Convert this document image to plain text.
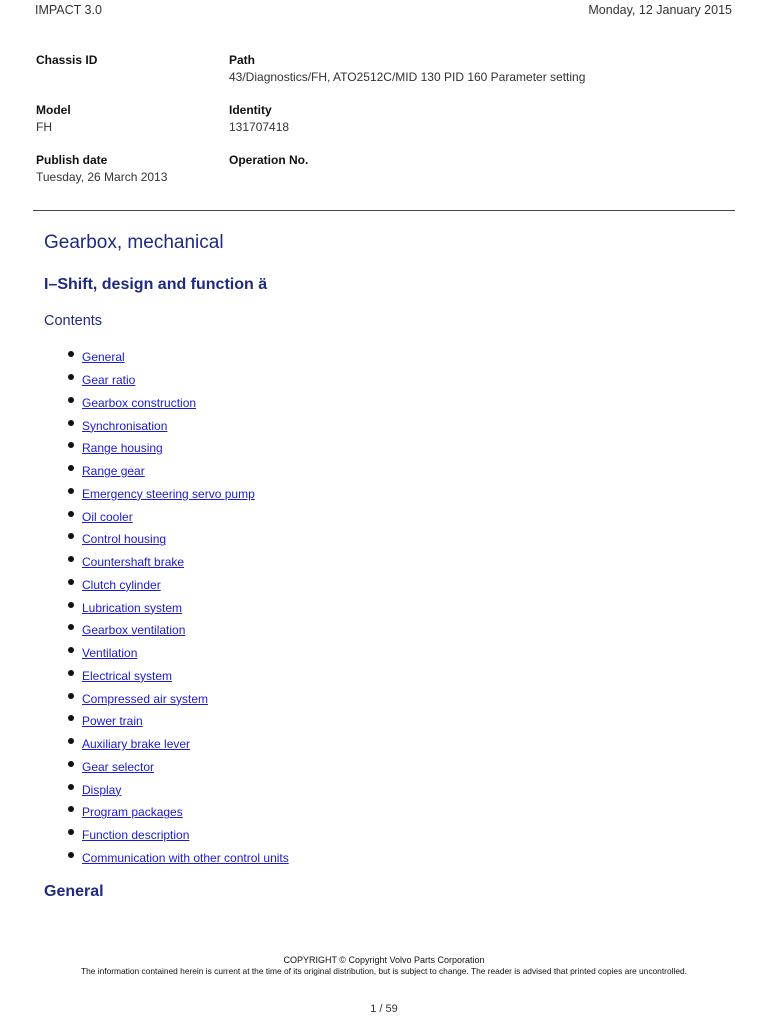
IMPACT 3.0	Monday, 12 January 2015
Chassis ID	Path
43/Diagnostics/FH, ATO2512C/MID 130 PID 160 Parameter setting
Model
FH
Identity
131707418
Publish date
Tuesday, 26 March 2013
Operation No.
Gearbox, mechanical
I–Shift, design and function ä
Contents
General
Gear ratio
Gearbox construction
Synchronisation
Range housing
Range gear
Emergency steering servo pump
Oil cooler
Control housing
Countershaft brake
Clutch cylinder
Lubrication system
Gearbox ventilation
Ventilation
Electrical system
Compressed air system
Power train
Auxiliary brake lever
Gear selector
Display
Program packages
Function description
Communication with other control units
General
COPYRIGHT © Copyright Volvo Parts Corporation
The information contained herein is current at the time of its original distribution, but is subject to change. The reader is advised that printed copies are uncontrolled.
1 / 59
